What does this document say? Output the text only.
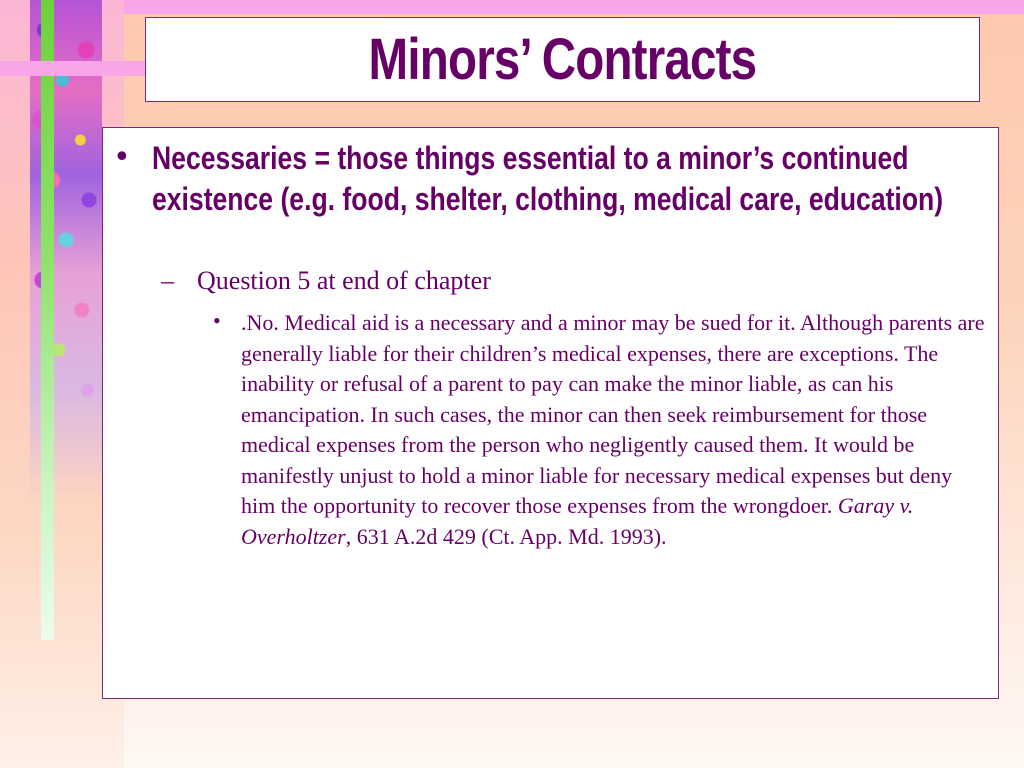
Minors’ Contracts
• Necessaries = those things essential to a minor’s continued existence (e.g. food, shelter, clothing, medical care, education)
– Question 5 at end of chapter
• .No. Medical aid is a necessary and a minor may be sued for it. Although parents are generally liable for their children’s medical expenses, there are exceptions. The inability or refusal of a parent to pay can make the minor liable, as can his emancipation. In such cases, the minor can then seek reimbursement for those medical expenses from the person who negligently caused them. It would be manifestly unjust to hold a minor liable for necessary medical expenses but deny him the opportunity to recover those expenses from the wrongdoer. Garay v. Overholtzer, 631 A.2d 429 (Ct. App. Md. 1993).
